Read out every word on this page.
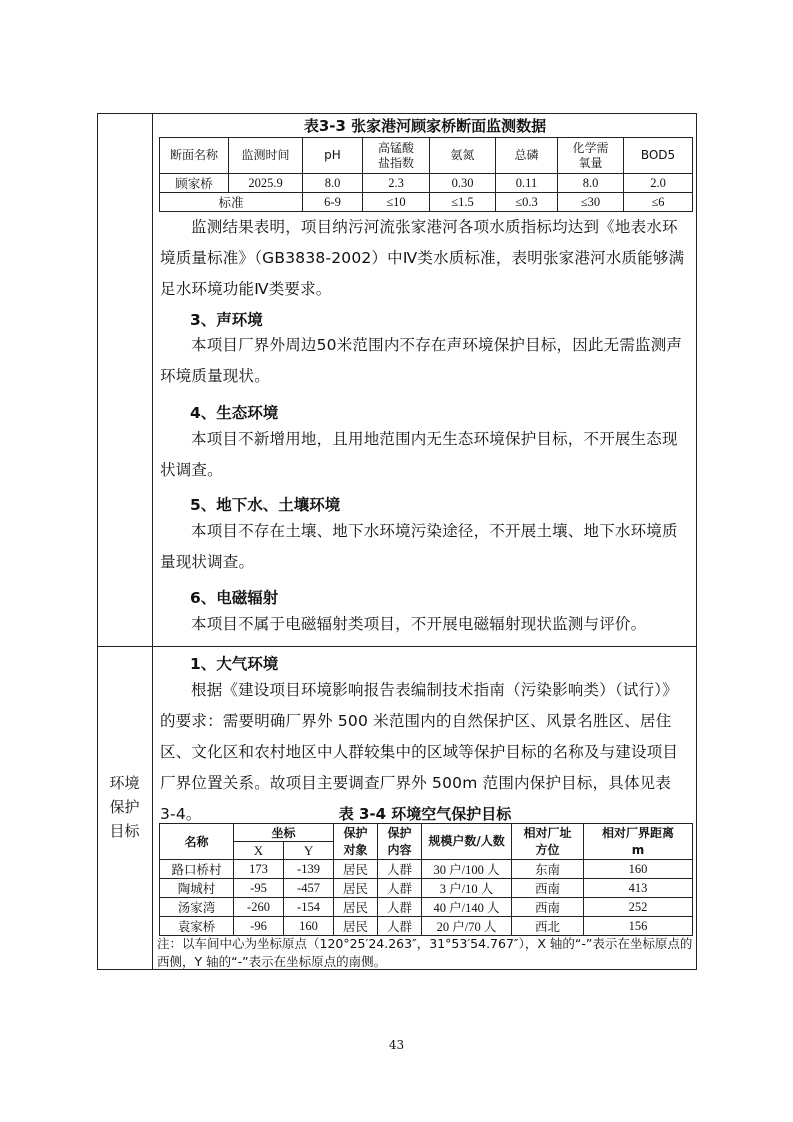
环境
保护
目标
表3-3 张家港河顾家桥断面监测数据
断面名称	监测时间	pH	高锰酸盐指数	氨氮	总磷	化学需氧量	BOD5
顾家桥	2025.9	8.0	2.3	0.30	0.11	8.0	2.0
标准		6-9	≤10	≤1.5	≤0.3	≤30	≤6

监测结果表明，项目纳污河流张家港河各项水质指标均达到《地表水环境质量标准》（GB3838-2002）中Ⅳ类水质标准，表明张家港河水质能够满足水环境功能Ⅳ类要求。

3、声环境

本项目厂界外周边50米范围内不存在声环境保护目标，因此无需监测声环境质量现状。

4、生态环境

本项目不新增用地，且用地范围内无生态环境保护目标，不开展生态现状调查。

5、地下水、土壤环境

本项目不存在土壤、地下水环境污染途径，不开展土壤、地下水环境质量现状调查。

6、电磁辐射

本项目不属于电磁辐射类项目，不开展电磁辐射现状监测与评价。

1、大气环境

根据《建设项目环境影响报告表编制技术指南（污染影响类）（试行）》的要求：需要明确厂界外 500 米范围内的自然保护区、风景名胜区、居住区、文化区和农村地区中人群较集中的区域等保护目标的名称及与建设项目厂界位置关系。故项目主要调查厂界外 500m 范围内保护目标，具体见表 3-4。	表 3-4 环境空气保护目标
名称	坐标		保护对象	保护内容	规模户数/人数	相对厂址方位	相对厂界距离 m
	X	Y					
路口桥村	173	-139	居民	人群	30 户/100 人	东南	160
陶城村	-95	-457	居民	人群	3 户/10 人	西南	413
汤家湾	-260	-154	居民	人群	40 户/140 人	西南	252
袁家桥	-96	160	居民	人群	20 户/70 人	西北	156
注：以车间中心为坐标原点（120°25′24.263″，31°53′54.767″），X 轴的“-”表示在坐标原点的西侧，Y 轴的“-”表示在坐标原点的南侧。
43
